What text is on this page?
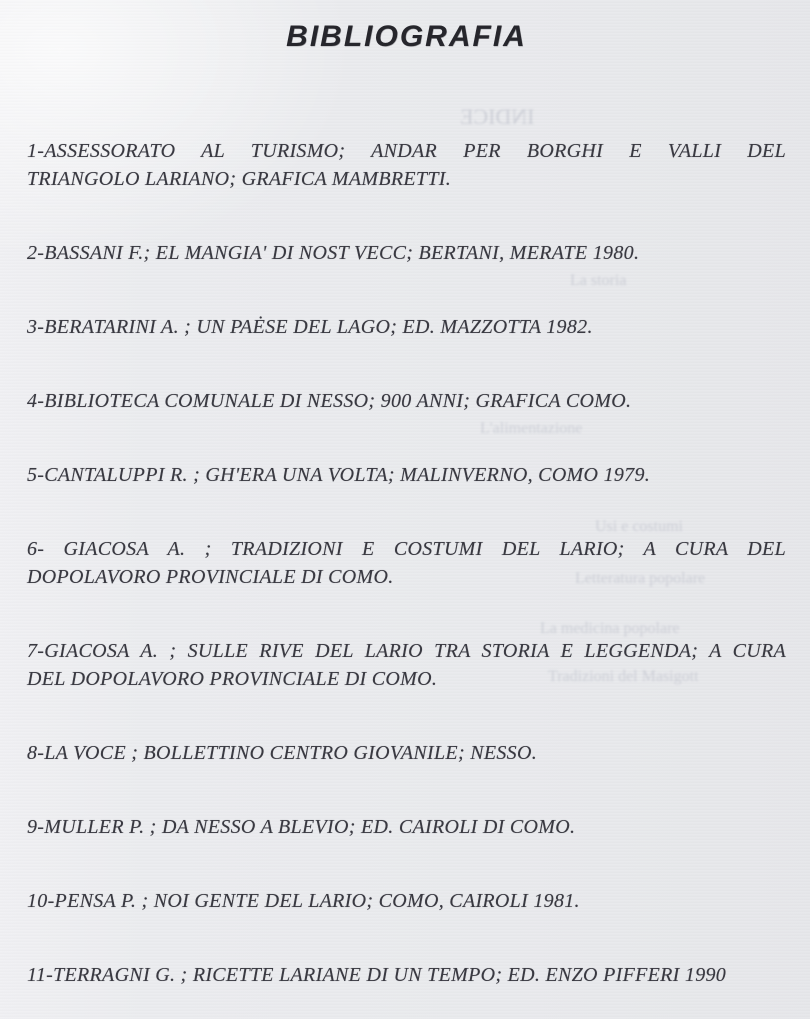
INDICE
La storia
L'alimentazione
Usi e costumi
Letteratura popolare
La medicina popolare
Tradizioni del Masigott
BIBLIOGRAFIA

1-ASSESSORATO AL TURISMO; ANDAR PER BORGHI E VALLI DEL
TRIANGOLO LARIANO; GRAFICA MAMBRETTI.

2-BASSANI F.; EL MANGIA' DI NOST VECC; BERTANI, MERATE 1980.

3-BERATARINI A. ; UN PAĖSE DEL LAGO; ED. MAZZOTTA 1982.

4-BIBLIOTECA COMUNALE DI NESSO; 900 ANNI; GRAFICA COMO.

5-CANTALUPPI R. ; GH'ERA UNA VOLTA; MALINVERNO, COMO 1979.

6- GIACOSA A. ; TRADIZIONI E COSTUMI DEL LARIO; A CURA DEL
DOPOLAVORO PROVINCIALE DI COMO.

7-GIACOSA A. ; SULLE RIVE DEL LARIO TRA STORIA E LEGGENDA; A CURA
DEL DOPOLAVORO PROVINCIALE DI COMO.

8-LA VOCE ; BOLLETTINO CENTRO GIOVANILE; NESSO.

9-MULLER P. ; DA NESSO A BLEVIO; ED. CAIROLI DI COMO.

10-PENSA P. ; NOI GENTE DEL LARIO; COMO, CAIROLI 1981.

11-TERRAGNI G. ; RICETTE LARIANE DI UN TEMPO; ED. ENZO PIFFERI 1990
